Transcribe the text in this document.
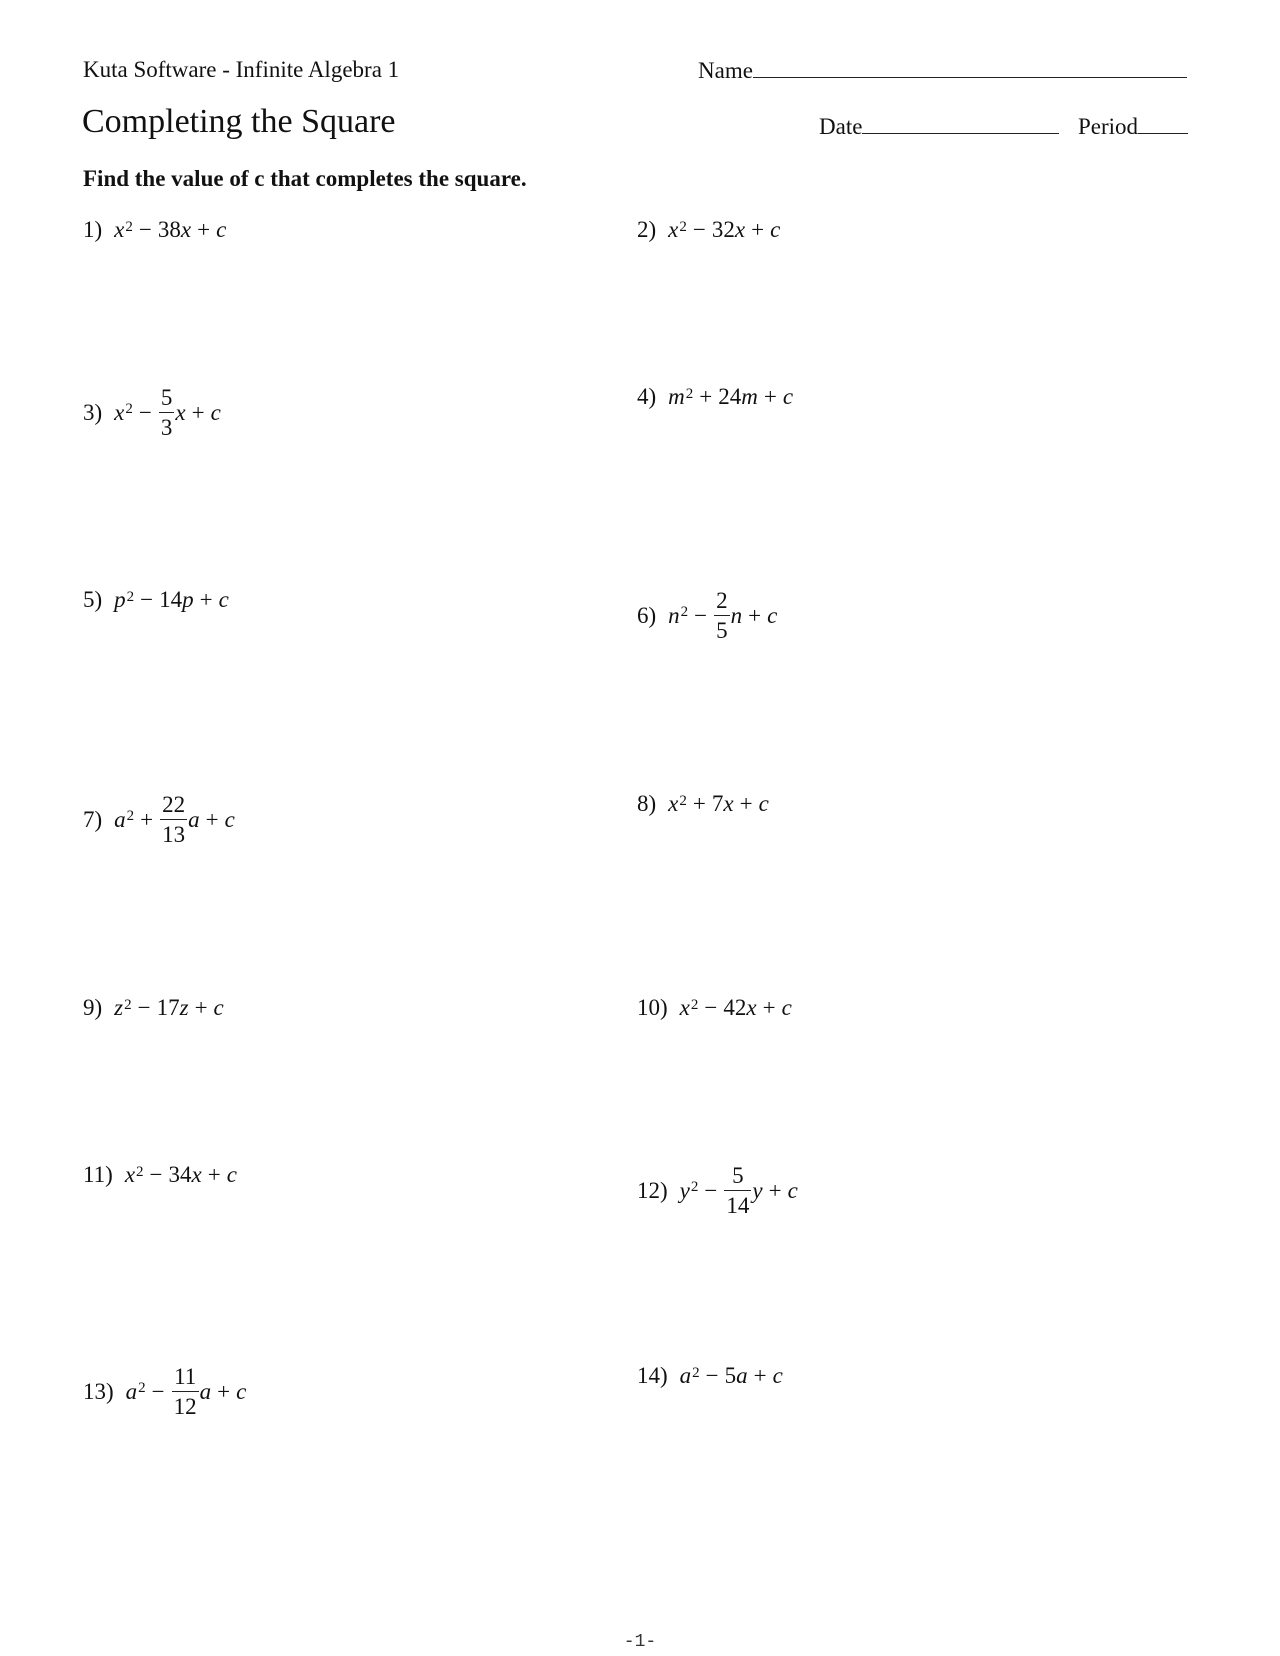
Kuta Software - Infinite Algebra 1	Name
Completing the Square	Date	Period
Find the value of c that completes the square.
1) $x^2 - 38$ x + c	2) $x^2 - 32$ x + c
3) $x^2 - \frac{5}{3}$ x + c
4) $m^2 + 24$ m + c
5) $p^2 - 14$ p + c
6) $n^2 - \frac{2}{5}$ n + c
7) $a^2 + \frac{22}{13}$ a + c
8) $x^2 + 7$ x + c
9) $z^2 - 17$ z + c	10) $x^2 - 42$ x + c
11) $x^2 - 34$ x + c
12) $y^2 - \frac{5}{14}$ y + c
13) $a^2 - \frac{11}{12}$ a + c
14) $a^2 - 5$ a + c
-1-
